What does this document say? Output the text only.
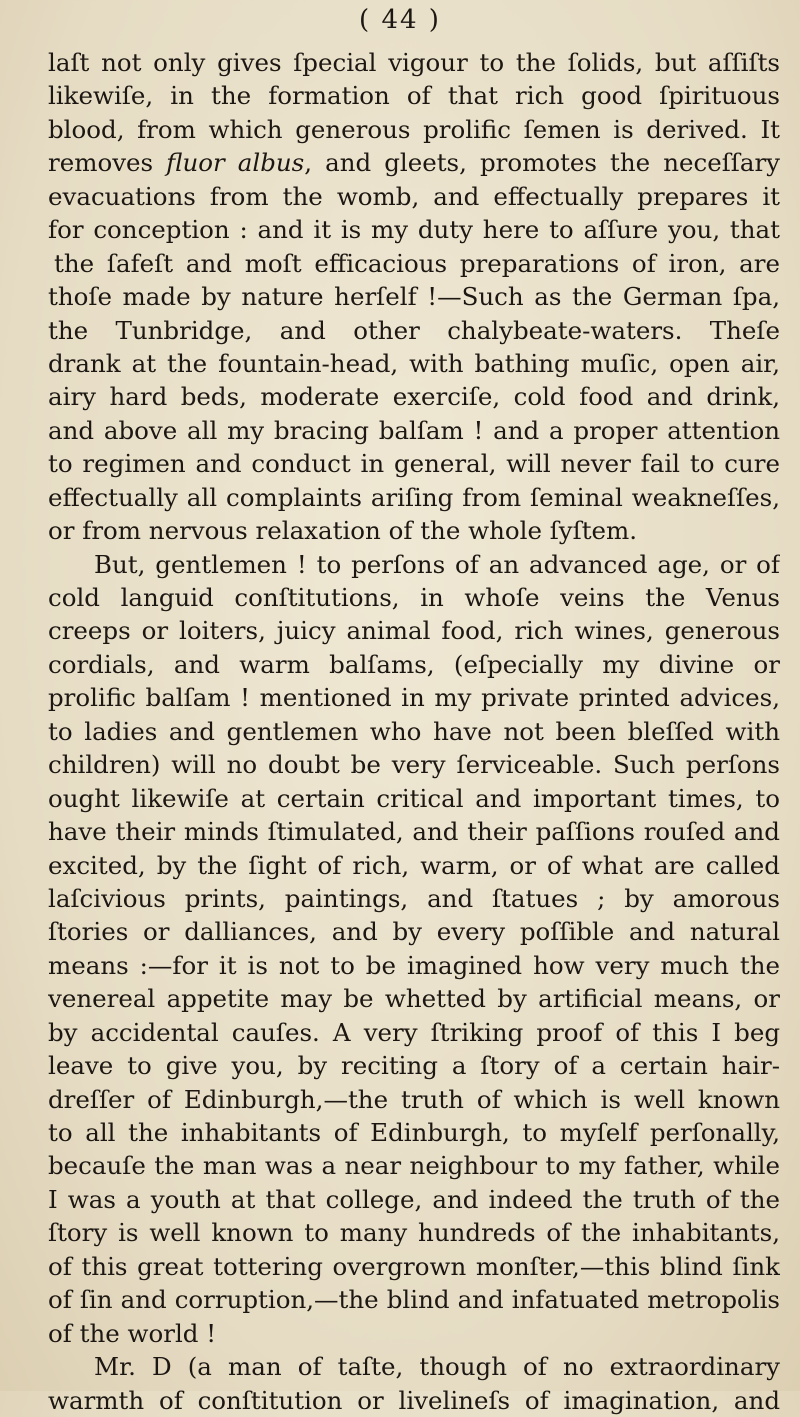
( 44 )
laſt not only gives ſpecial vigour to the ſolids, but aſſiſts
likewiſe, in the formation of that rich good ſpirituous
blood, from which generous prolific ſemen is derived. It
removes fluor albus, and gleets, promotes the neceſſary
evacuations from the womb, and effectually prepares it
for conception : and it is my duty here to aſſure you, that
the ſafeſt and moſt efficacious preparations of iron, are
thoſe made by nature herſelf !—Such as the German ſpa,
the Tunbridge, and other chalybeate-waters. Theſe
drank at the fountain-head, with bathing muſic, open air,
airy hard beds, moderate exerciſe, cold food and drink,
and above all my bracing balſam ! and a proper attention
to regimen and conduct in general, will never fail to cure
effectually all complaints ariſing from ſeminal weakneſſes,
or from nervous relaxation of the whole ſyſtem.
But, gentlemen ! to perſons of an advanced age, or of
cold languid conſtitutions, in whoſe veins the Venus
creeps or loiters, juicy animal food, rich wines, generous
cordials, and warm balſams, (eſpecially my divine or
prolific balſam ! mentioned in my private printed advices,
to ladies and gentlemen who have not been bleſſed with
children) will no doubt be very ſerviceable. Such perſons
ought likewiſe at certain critical and important times, to
have their minds ſtimulated, and their paſſions rouſed and
excited, by the ſight of rich, warm, or of what are called
laſcivious prints, paintings, and ſtatues ; by amorous
ſtories or dalliances, and by every poſſible and natural
means :—for it is not to be imagined how very much the
venereal appetite may be whetted by artificial means, or
by accidental cauſes. A very ſtriking proof of this I beg
leave to give you, by reciting a ſtory of a certain hair-
dreſſer of Edinburgh,—the truth of which is well known
to all the inhabitants of Edinburgh, to myſelf perſonally,
becauſe the man was a near neighbour to my father, while
I was a youth at that college, and indeed the truth of the
ſtory is well known to many hundreds of the inhabitants,
of this great tottering overgrown monſter,—this blind ſink
of ſin and corruption,—the blind and infatuated metropolis
of the world !
Mr. D (a man of taſte, though of no extraordinary
warmth of conſtitution or livelineſs of imagination, and
